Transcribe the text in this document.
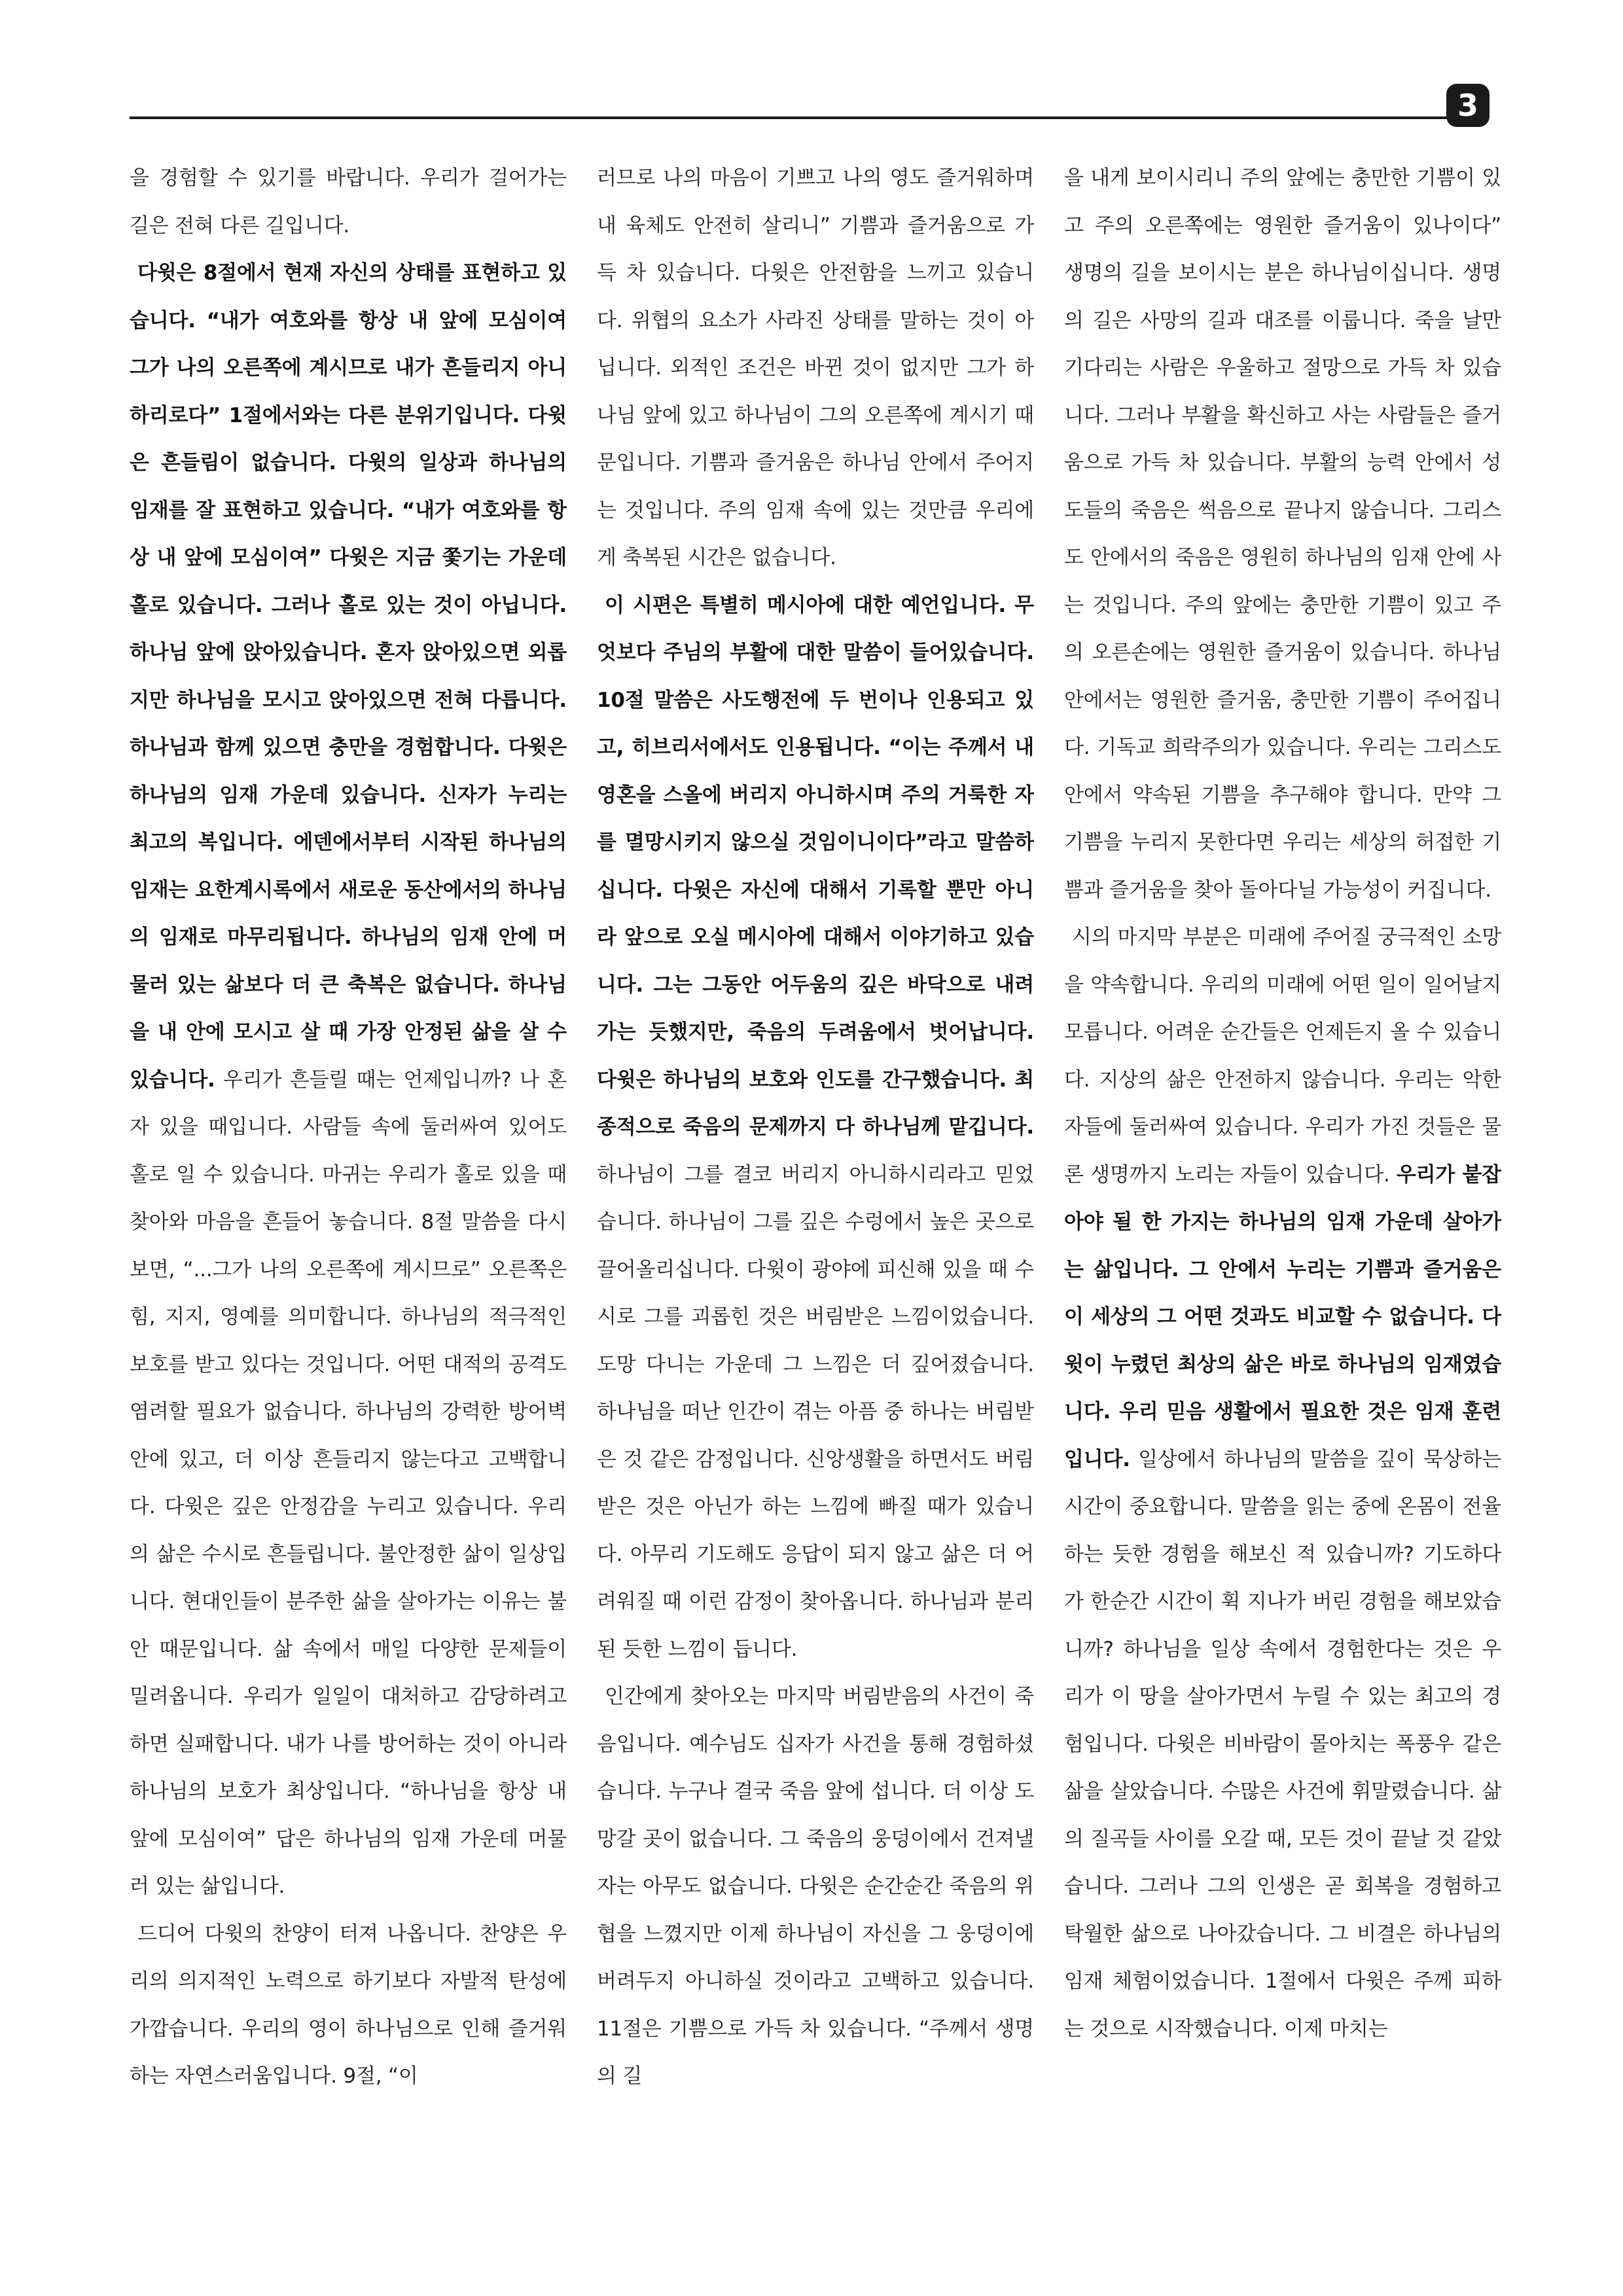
3

을 경험할 수 있기를 바랍니다. 우리가 걸어가는 길은 전혀 다른 길입니다.

다윗은 8절에서 현재 자신의 상태를 표현하고 있습니다. “내가 여호와를 항상 내 앞에 모심이여 그가 나의 오른쪽에 계시므로 내가 흔들리지 아니하리로다” 1절에서와는 다른 분위기입니다. 다윗은 흔들림이 없습니다. 다윗의 일상과 하나님의 임재를 잘 표현하고 있습니다. “내가 여호와를 항상 내 앞에 모심이여” 다윗은 지금 쫓기는 가운데 홀로 있습니다. 그러나 홀로 있는 것이 아닙니다. 하나님 앞에 앉아있습니다. 혼자 앉아있으면 외롭지만 하나님을 모시고 앉아있으면 전혀 다릅니다. 하나님과 함께 있으면 충만을 경험합니다. 다윗은 하나님의 임재 가운데 있습니다. 신자가 누리는 최고의 복입니다. 에덴에서부터 시작된 하나님의 임재는 요한계시록에서 새로운 동산에서의 하나님의 임재로 마무리됩니다. 하나님의 임재 안에 머물러 있는 삶보다 더 큰 축복은 없습니다. 하나님을 내 안에 모시고 살 때 가장 안정된 삶을 살 수 있습니다. 우리가 흔들릴 때는 언제입니까? 나 혼자 있을 때입니다. 사람들 속에 둘러싸여 있어도 홀로 일 수 있습니다. 마귀는 우리가 홀로 있을 때 찾아와 마음을 흔들어 놓습니다. 8절 말씀을 다시 보면, “...그가 나의 오른쪽에 계시므로” 오른쪽은 힘, 지지, 영예를 의미합니다. 하나님의 적극적인 보호를 받고 있다는 것입니다. 어떤 대적의 공격도 염려할 필요가 없습니다. 하나님의 강력한 방어벽 안에 있고, 더 이상 흔들리지 않는다고 고백합니다. 다윗은 깊은 안정감을 누리고 있습니다. 우리의 삶은 수시로 흔들립니다. 불안정한 삶이 일상입니다. 현대인들이 분주한 삶을 살아가는 이유는 불안 때문입니다. 삶 속에서 매일 다양한 문제들이 밀려옵니다. 우리가 일일이 대처하고 감당하려고 하면 실패합니다. 내가 나를 방어하는 것이 아니라 하나님의 보호가 최상입니다. “하나님을 항상 내 앞에 모심이여” 답은 하나님의 임재 가운데 머물러 있는 삶입니다.

드디어 다윗의 찬양이 터져 나옵니다. 찬양은 우리의 의지적인 노력으로 하기보다 자발적 탄성에 가깝습니다. 우리의 영이 하나님으로 인해 즐거워하는 자연스러움입니다. 9절, “이

러므로 나의 마음이 기쁘고 나의 영도 즐거워하며 내 육체도 안전히 살리니” 기쁨과 즐거움으로 가득 차 있습니다. 다윗은 안전함을 느끼고 있습니다. 위협의 요소가 사라진 상태를 말하는 것이 아닙니다. 외적인 조건은 바뀐 것이 없지만 그가 하나님 앞에 있고 하나님이 그의 오른쪽에 계시기 때문입니다. 기쁨과 즐거움은 하나님 안에서 주어지는 것입니다. 주의 임재 속에 있는 것만큼 우리에게 축복된 시간은 없습니다.

이 시편은 특별히 메시아에 대한 예언입니다. 무엇보다 주님의 부활에 대한 말씀이 들어있습니다. 10절 말씀은 사도행전에 두 번이나 인용되고 있고, 히브리서에서도 인용됩니다. “이는 주께서 내 영혼을 스올에 버리지 아니하시며 주의 거룩한 자를 멸망시키지 않으실 것임이니이다”라고 말씀하십니다. 다윗은 자신에 대해서 기록할 뿐만 아니라 앞으로 오실 메시아에 대해서 이야기하고 있습니다. 그는 그동안 어두움의 깊은 바닥으로 내려가는 듯했지만, 죽음의 두려움에서 벗어납니다. 다윗은 하나님의 보호와 인도를 간구했습니다. 최종적으로 죽음의 문제까지 다 하나님께 맡깁니다. 하나님이 그를 결코 버리지 아니하시리라고 믿었습니다. 하나님이 그를 깊은 수렁에서 높은 곳으로 끌어올리십니다. 다윗이 광야에 피신해 있을 때 수시로 그를 괴롭힌 것은 버림받은 느낌이었습니다. 도망 다니는 가운데 그 느낌은 더 깊어졌습니다. 하나님을 떠난 인간이 겪는 아픔 중 하나는 버림받은 것 같은 감정입니다. 신앙생활을 하면서도 버림받은 것은 아닌가 하는 느낌에 빠질 때가 있습니다. 아무리 기도해도 응답이 되지 않고 삶은 더 어려워질 때 이런 감정이 찾아옵니다. 하나님과 분리된 듯한 느낌이 듭니다.

인간에게 찾아오는 마지막 버림받음의 사건이 죽음입니다. 예수님도 십자가 사건을 통해 경험하셨습니다. 누구나 결국 죽음 앞에 섭니다. 더 이상 도망갈 곳이 없습니다. 그 죽음의 웅덩이에서 건져낼 자는 아무도 없습니다. 다윗은 순간순간 죽음의 위협을 느꼈지만 이제 하나님이 자신을 그 웅덩이에 버려두지 아니하실 것이라고 고백하고 있습니다. 11절은 기쁨으로 가득 차 있습니다. “주께서 생명의 길

을 내게 보이시리니 주의 앞에는 충만한 기쁨이 있고 주의 오른쪽에는 영원한 즐거움이 있나이다” 생명의 길을 보이시는 분은 하나님이십니다. 생명의 길은 사망의 길과 대조를 이룹니다. 죽을 날만 기다리는 사람은 우울하고 절망으로 가득 차 있습니다. 그러나 부활을 확신하고 사는 사람들은 즐거움으로 가득 차 있습니다. 부활의 능력 안에서 성도들의 죽음은 썩음으로 끝나지 않습니다. 그리스도 안에서의 죽음은 영원히 하나님의 임재 안에 사는 것입니다. 주의 앞에는 충만한 기쁨이 있고 주의 오른손에는 영원한 즐거움이 있습니다. 하나님 안에서는 영원한 즐거움, 충만한 기쁨이 주어집니다. 기독교 희락주의가 있습니다. 우리는 그리스도 안에서 약속된 기쁨을 추구해야 합니다. 만약 그 기쁨을 누리지 못한다면 우리는 세상의 허접한 기쁨과 즐거움을 찾아 돌아다닐 가능성이 커집니다.

시의 마지막 부분은 미래에 주어질 궁극적인 소망을 약속합니다. 우리의 미래에 어떤 일이 일어날지 모릅니다. 어려운 순간들은 언제든지 올 수 있습니다. 지상의 삶은 안전하지 않습니다. 우리는 악한 자들에 둘러싸여 있습니다. 우리가 가진 것들은 물론 생명까지 노리는 자들이 있습니다. 우리가 붙잡아야 될 한 가지는 하나님의 임재 가운데 살아가는 삶입니다. 그 안에서 누리는 기쁨과 즐거움은 이 세상의 그 어떤 것과도 비교할 수 없습니다. 다윗이 누렸던 최상의 삶은 바로 하나님의 임재였습니다. 우리 믿음 생활에서 필요한 것은 임재 훈련입니다. 일상에서 하나님의 말씀을 깊이 묵상하는 시간이 중요합니다. 말씀을 읽는 중에 온몸이 전율하는 듯한 경험을 해보신 적 있습니까? 기도하다가 한순간 시간이 휙 지나가 버린 경험을 해보았습니까? 하나님을 일상 속에서 경험한다는 것은 우리가 이 땅을 살아가면서 누릴 수 있는 최고의 경험입니다. 다윗은 비바람이 몰아치는 폭풍우 같은 삶을 살았습니다. 수많은 사건에 휘말렸습니다. 삶의 질곡들 사이를 오갈 때, 모든 것이 끝날 것 같았습니다. 그러나 그의 인생은 곧 회복을 경험하고 탁월한 삶으로 나아갔습니다. 그 비결은 하나님의 임재 체험이었습니다. 1절에서 다윗은 주께 피하는 것으로 시작했습니다. 이제 마치는
